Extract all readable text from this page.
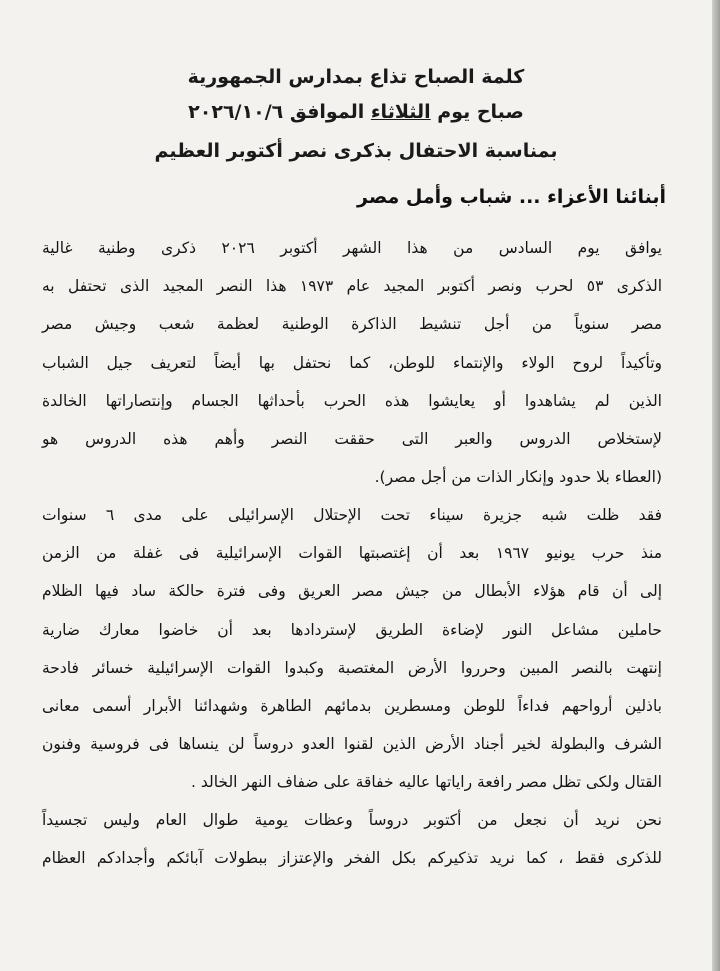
كلمة الصباح تذاع بمدارس الجمهورية
صباح يوم الثلاثاء الموافق ٢٠٢٦/١٠/٦
بمناسبة الاحتفال بذكرى نصر أكتوبر العظيم
أبنائنا الأعزاء ... شباب وأمل مصر
يوافق يوم السادس من هذا الشهر أكتوبر ٢٠٢٦ ذكرى وطنية غالية
الذكرى ٥٣ لحرب ونصر أكتوبر المجيد عام ١٩٧٣ هذا النصر المجيد الذى تحتفل به
مصر سنوياً من أجل تنشيط الذاكرة الوطنية لعظمة شعب وجيش مصر
وتأكيداً لروح الولاء والإنتماء للوطن، كما نحتفل بها أيضاً لتعريف جيل الشباب
الذين لم يشاهدوا أو يعايشوا هذه الحرب بأحداثها الجسام وإنتصاراتها الخالدة
لإستخلاص الدروس والعبر التى حققت النصر وأهم هذه الدروس هو
(العطاء بلا حدود وإنكار الذات من أجل مصر).
فقد ظلت شبه جزيرة سيناء تحت الإحتلال الإسرائيلى على مدى ٦ سنوات
منذ حرب يونيو ١٩٦٧ بعد أن إغتصبتها القوات الإسرائيلية فى غفلة من الزمن
إلى أن قام هؤلاء الأبطال من جيش مصر العريق وفى فترة حالكة ساد فيها الظلام
حاملين مشاعل النور لإضاءة الطريق لإستردادها بعد أن خاضوا معارك ضارية
إنتهت بالنصر المبين وحرروا الأرض المغتصبة وكبدوا القوات الإسرائيلية خسائر فادحة
باذلين أرواحهم فداءاً للوطن ومسطرين بدمائهم الطاهرة وشهدائنا الأبرار أسمى معانى
الشرف والبطولة لخير أجناد الأرض الذين لقنوا العدو دروساً لن ينساها فى فروسية وفنون
القتال ولكى تظل مصر رافعة راياتها عاليه خفاقة على ضفاف النهر الخالد .
نحن نريد أن نجعل من أكتوبر دروساً وعظات يومية طوال العام وليس تجسيداً
للذكرى فقط ، كما نريد تذكيركم بكل الفخر والإعتزاز ببطولات آبائكم وأجدادكم العظام
